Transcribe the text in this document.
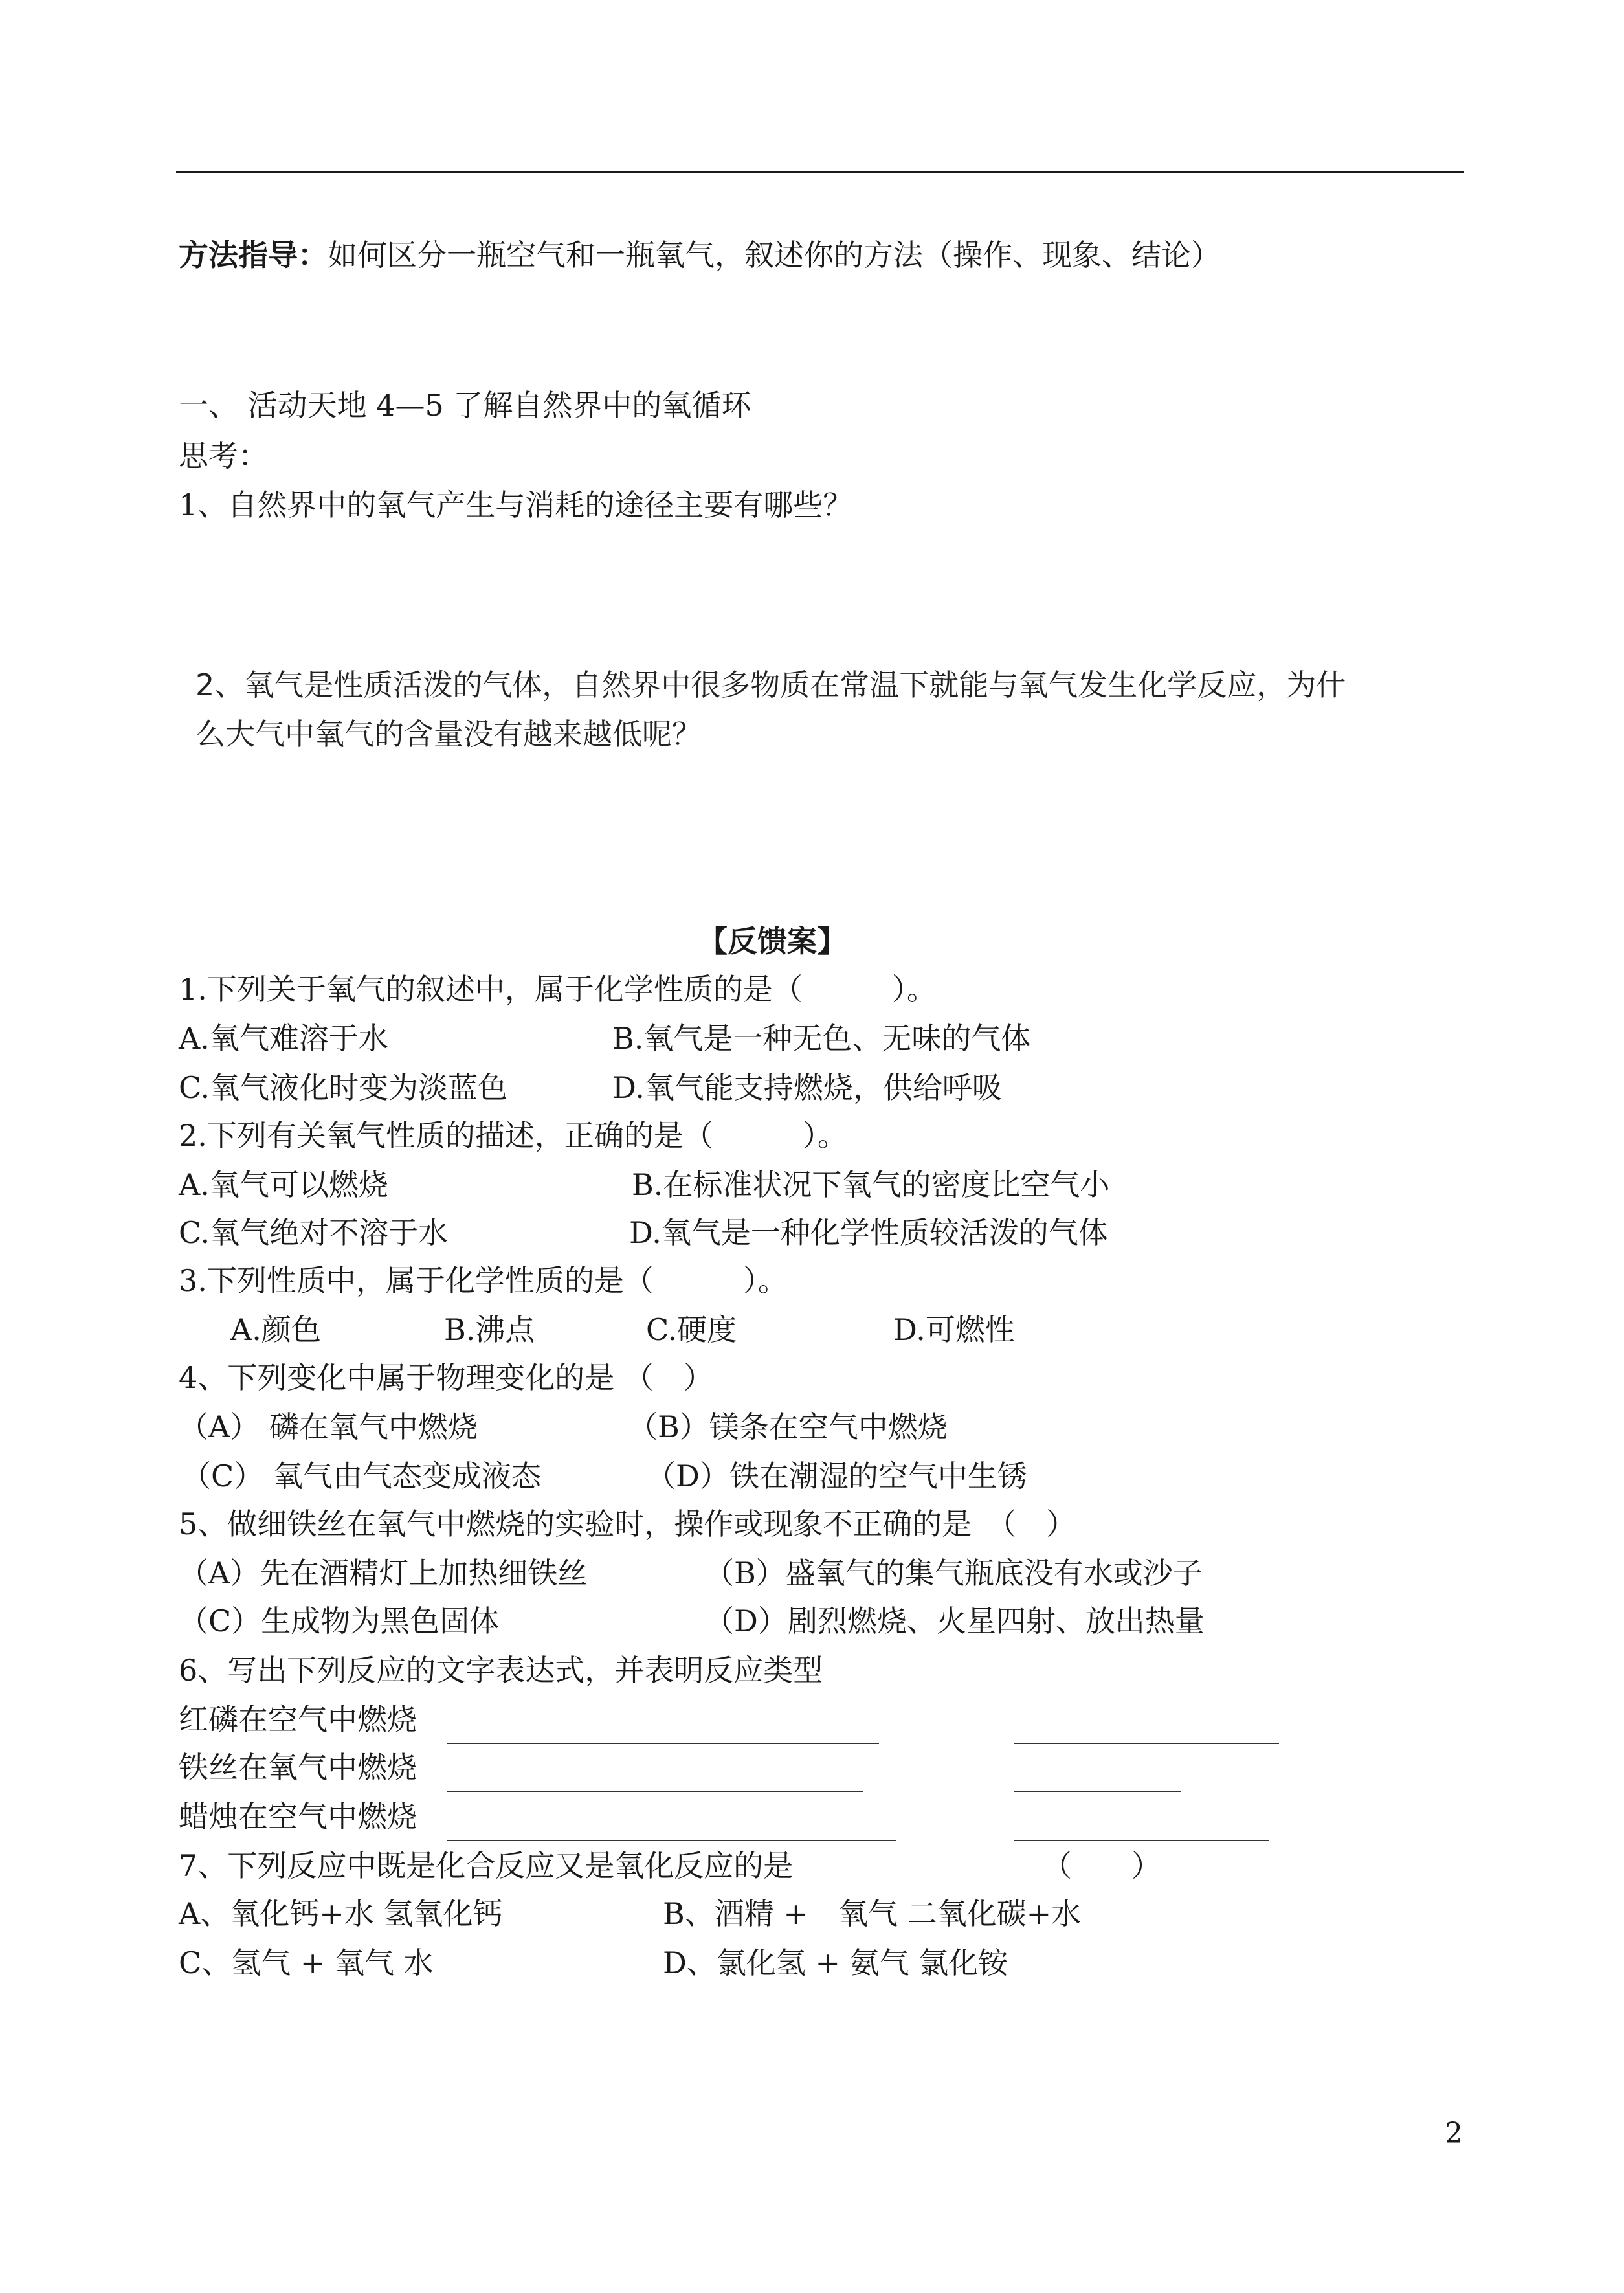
方法指导：如何区分一瓶空气和一瓶氧气，叙述你的方法（操作、现象、结论）
一、 活动天地 4—5 了解自然界中的氧循环
思考：
1、自然界中的氧气产生与消耗的途径主要有哪些？
2、氧气是性质活泼的气体，自然界中很多物质在常温下就能与氧气发生化学反应，为什
么大气中氧气的含量没有越来越低呢？
【反馈案】
1.下列关于氧气的叙述中，属于化学性质的是（　　　）。
A.氧气难溶于水	B.氧气是一种无色、无味的气体
C.氧气液化时变为淡蓝色	D.氧气能支持燃烧，供给呼吸
2.下列有关氧气性质的描述，正确的是（　　　）。
A.氧气可以燃烧	B.在标准状况下氧气的密度比空气小
C.氧气绝对不溶于水	D.氧气是一种化学性质较活泼的气体
3.下列性质中，属于化学性质的是（　　　）。
A.颜色	B.沸点	C.硬度	D.可燃性
4、下列变化中属于物理变化的是 （　）
（A） 磷在氧气中燃烧	（B）镁条在空气中燃烧
（C） 氧气由气态变成液态	（D）铁在潮湿的空气中生锈
5、做细铁丝在氧气中燃烧的实验时，操作或现象不正确的是　（　）
（A）先在酒精灯上加热细铁丝	（B）盛氧气的集气瓶底没有水或沙子
（C）生成物为黑色固体	（D）剧烈燃烧、火星四射、放出热量
6、写出下列反应的文字表达式，并表明反应类型
红磷在空气中燃烧
铁丝在氧气中燃烧
蜡烛在空气中燃烧
7、下列反应中既是化合反应又是氧化反应的是	（　　）
A、氧化钙+水 氢氧化钙	B、酒精 +　氧气 二氧化碳+水
C、氢气 + 氧气 水	D、氯化氢 + 氨气 氯化铵
2
